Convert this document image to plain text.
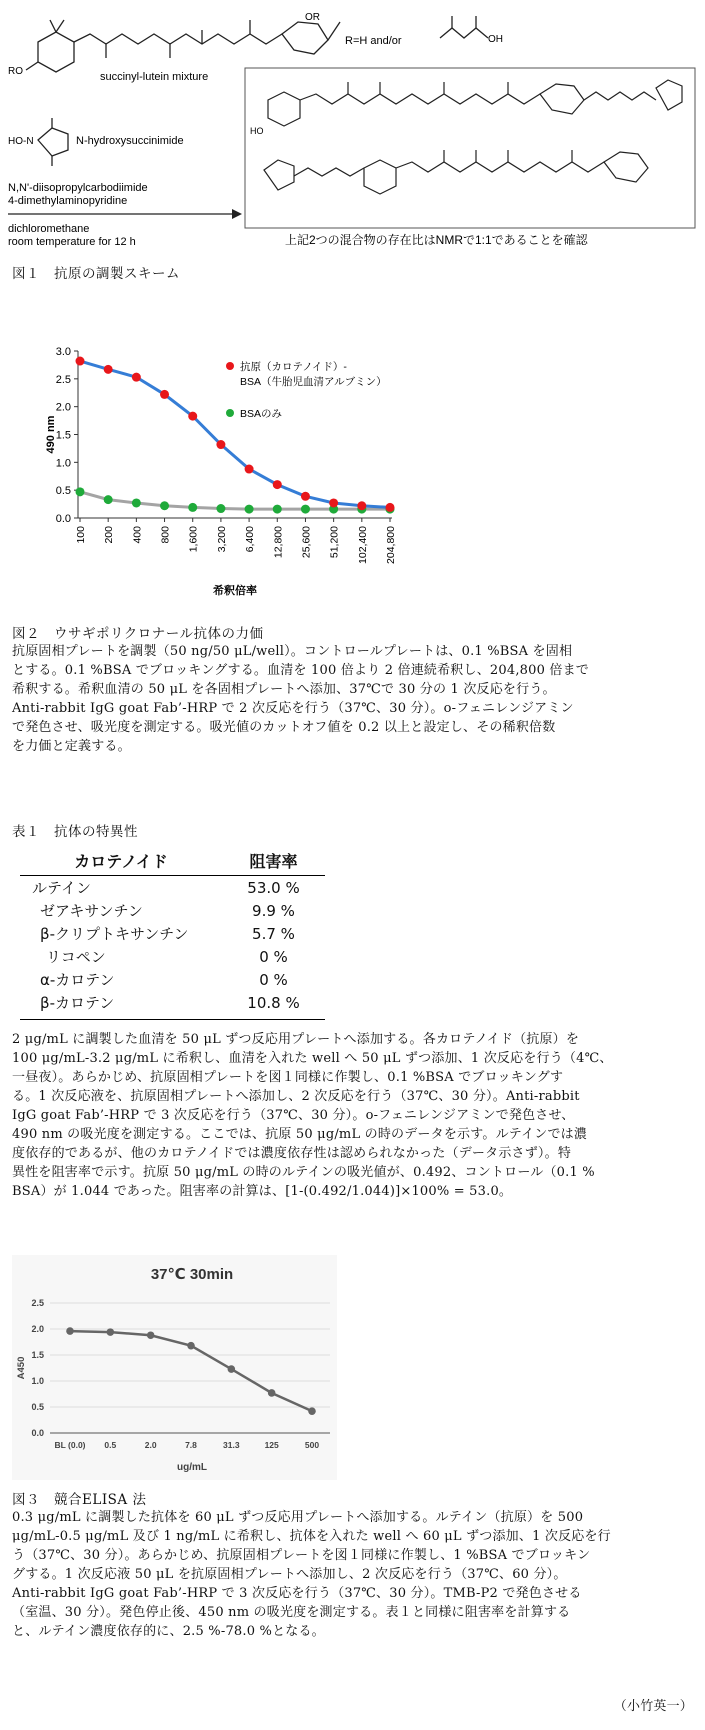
OR
RO
OH
HO
HO-N
succinyl-lutein mixture
R=H and/or
N-hydroxysuccinimide
N,N'-diisopropylcarbodiimide
4-dimethylaminopyridine
dichloromethane
room temperature for 12 h	上記2つの混合物の存在比はNMRで1:1であることを確認
図１　抗原の調製スキーム
0.0
0.5
1.0
1.5
2.0
2.5
3.0
100 200 400 800 1,600 3,200 6,400 12,800 25,600 51,200 102,400 204,800
490 nm
希釈倍率
抗原（カロテノイド）-
BSA（牛胎児血清アルブミン）
BSAのみ
図２　ウサギポリクロナール抗体の力価
抗原固相プレートを調製（50 ng/50 μL/well）。コントロールプレートは、0.1 %BSA を固相
とする。0.1 %BSA でブロッキングする。血清を 100 倍より 2 倍連続希釈し、204,800 倍まで
希釈する。希釈血清の 50 μL を各固相プレートへ添加、37℃で 30 分の 1 次反応を行う。
Anti-rabbit IgG goat Fab’-HRP で 2 次反応を行う（37℃、30 分）。o-フェニレンジアミン
で発色させ、吸光度を測定する。吸光値のカットオフ値を 0.2 以上と設定し、その稀釈倍数
を力価と定義する。
表１　抗体の特異性
カロテノイド	阻害率
ルテイン	53.0 %
ゼアキサンチン	9.9 %
β-クリプトキサンチン	5.7 %
リコペン	0 %
α-カロテン	0 %
β-カロテン	10.8 %
2 μg/mL に調製した血清を 50 μL ずつ反応用プレートへ添加する。各カロテノイド（抗原）を
100 μg/mL-3.2 μg/mL に希釈し、血清を入れた well へ 50 μL ずつ添加、1 次反応を行う（4℃、
一昼夜）。あらかじめ、抗原固相プレートを図１同様に作製し、0.1 %BSA でブロッキングす
る。1 次反応液を、抗原固相プレートへ添加し、2 次反応を行う（37℃、30 分）。Anti-rabbit
IgG goat Fab’-HRP で 3 次反応を行う（37℃、30 分）。o-フェニレンジアミンで発色させ、
490 nm の吸光度を測定する。ここでは、抗原 50 μg/mL の時のデータを示す。ルテインでは濃
度依存的であるが、他のカロテノイドでは濃度依存性は認められなかった（データ示さず）。特
異性を阻害率で示す。抗原 50 μg/mL の時のルテインの吸光値が、0.492、コントロール（0.1 %
BSA）が 1.044 であった。阻害率の計算は、[1-(0.492/1.044)]×100% = 53.0。
37℃ 30min
0.0
0.5
1.0
1.5
2.0
2.5
BL (0.0) 0.5	2.0	7.8	31.3	125	500
A450
ug/mL
図３　競合ELISA 法
0.3 μg/mL に調製した抗体を 60 μL ずつ反応用プレートへ添加する。ルテイン（抗原）を 500
μg/mL-0.5 μg/mL 及び 1 ng/mL に希釈し、抗体を入れた well へ 60 μL ずつ添加、1 次反応を行
う（37℃、30 分）。あらかじめ、抗原固相プレートを図１同様に作製し、1 %BSA でブロッキン
グする。1 次反応液 50 μL を抗原固相プレートへ添加し、2 次反応を行う（37℃、60 分）。
Anti-rabbit IgG goat Fab’-HRP で 3 次反応を行う（37℃、30 分）。TMB-P2 で発色させる
（室温、30 分）。発色停止後、450 nm の吸光度を測定する。表１と同様に阻害率を計算する
と、ルテイン濃度依存的に、2.5 %-78.0 %となる。
（小竹英一）
